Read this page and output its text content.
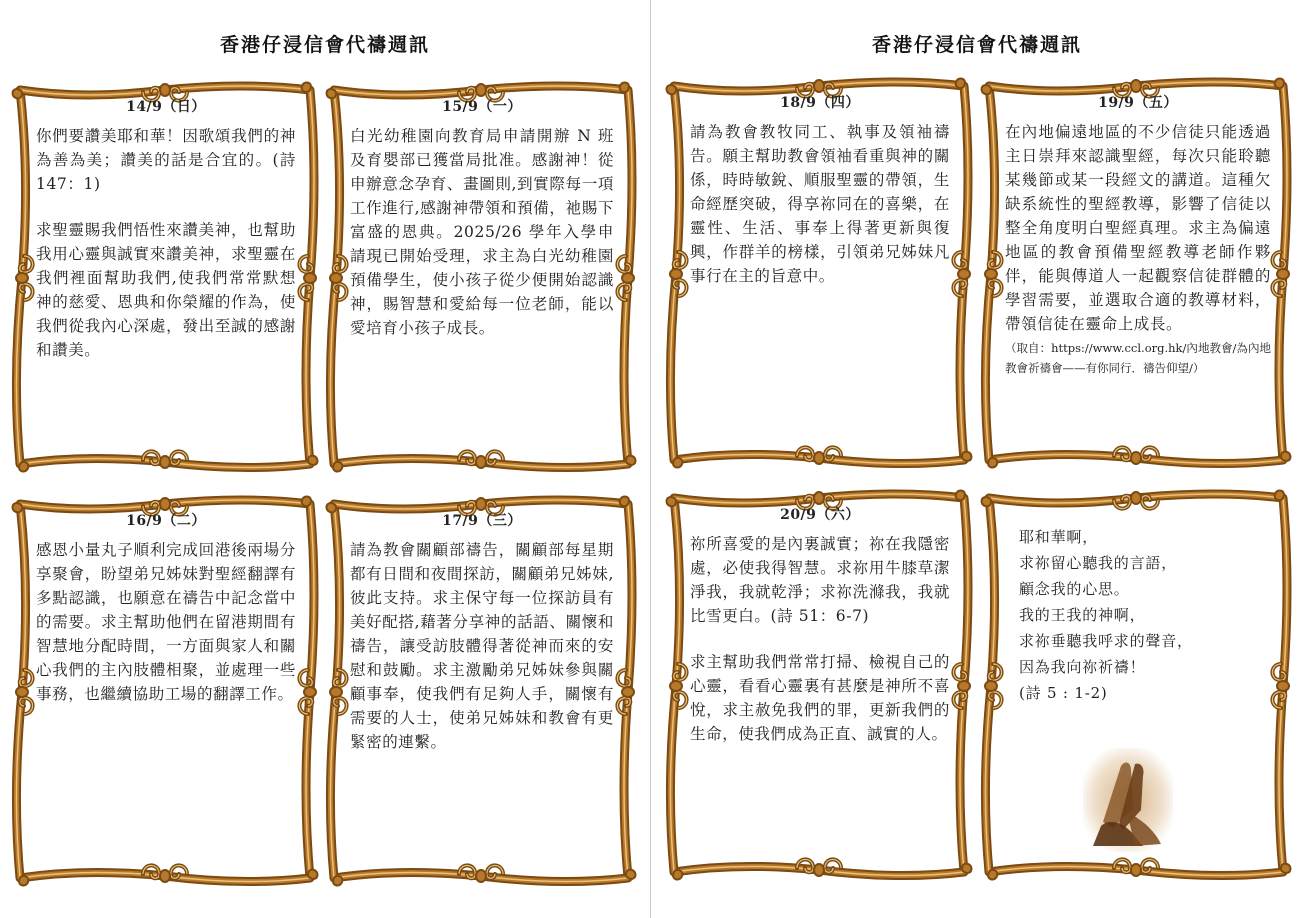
香港仔浸信會代禱週訊	香港仔浸信會代禱週訊
14/9（日）

你們要讚美耶和華！因歌頌我們的神為善為美；讚美的話是合宜的。(詩 147：1)

求聖靈賜我們悟性來讚美神，也幫助我用心靈與誠實來讚美神，求聖靈在我們裡面幫助我們,使我們常常默想神的慈愛、恩典和你榮耀的作為，使我們從我內心深處，發出至誠的感謝和讚美。

15/9（一）

白光幼稚園向教育局申請開辦 N 班及育嬰部已獲當局批准。感謝神！從申辦意念孕育、畫圖則,到實際每一項工作進行,感謝神帶領和預備，祂賜下富盛的恩典。2025/26 學年入學申請現已開始受理，求主為白光幼稚園預備學生，使小孩子從少便開始認識神，賜智慧和愛給每一位老師，能以愛培育小孩子成長。

16/9（二）

感恩小量丸子順利完成回港後兩場分享聚會，盼望弟兄姊妹對聖經翻譯有多點認識，也願意在禱告中記念當中的需要。求主幫助他們在留港期間有智慧地分配時間，一方面與家人和關心我們的主內肢體相聚，並處理一些事務，也繼續協助工場的翻譯工作。

17/9（三）

請為教會關顧部禱告，關顧部每星期都有日間和夜間探訪，關顧弟兄姊妹,彼此支持。求主保守每一位探訪員有美好配搭,藉著分享神的話語、關懷和禱告，讓受訪肢體得著從神而來的安慰和鼓勵。求主激勵弟兄姊妹參與關顧事奉，使我們有足夠人手，關懷有需要的人士，使弟兄姊妹和教會有更緊密的連繫。

18/9（四）

請為教會教牧同工、執事及領袖禱告。願主幫助教會領袖看重與神的關係，時時敏銳、順服聖靈的帶領，生命經歷突破，得享祢同在的喜樂，在靈性、生活、事奉上得著更新與復興，作群羊的榜樣，引領弟兄姊妹凡事行在主的旨意中。

19/9（五）

在內地偏遠地區的不少信徒只能透過主日崇拜來認識聖經，每次只能聆聽某幾節或某一段經文的講道。這種欠缺系統性的聖經教導，影響了信徒以整全角度明白聖經真理。求主為偏遠地區的教會預備聖經教導老師作夥伴，能與傳道人一起觀察信徒群體的學習需要，並選取合適的教導材料，帶領信徒在靈命上成長。

（取自：https://www.ccl.org.hk/內地教會/為內地教會祈禱會——有你同行．禱告仰望/）

20/9（六）

祢所喜愛的是內裏誠實；祢在我隱密處，必使我得智慧。求祢用牛膝草潔淨我，我就乾淨；求祢洗滌我，我就比雪更白。(詩 51：6-7)

求主幫助我們常常打掃、檢視自己的心靈，看看心靈裏有甚麼是神所不喜悅，求主赦免我們的罪，更新我們的生命，使我們成為正直、誠實的人。

耶和華啊，
求祢留心聽我的言語，
顧念我的心思。
我的王我的神啊，
求祢垂聽我呼求的聲音，
因為我向祢祈禱！
(詩 5 : 1-2)
